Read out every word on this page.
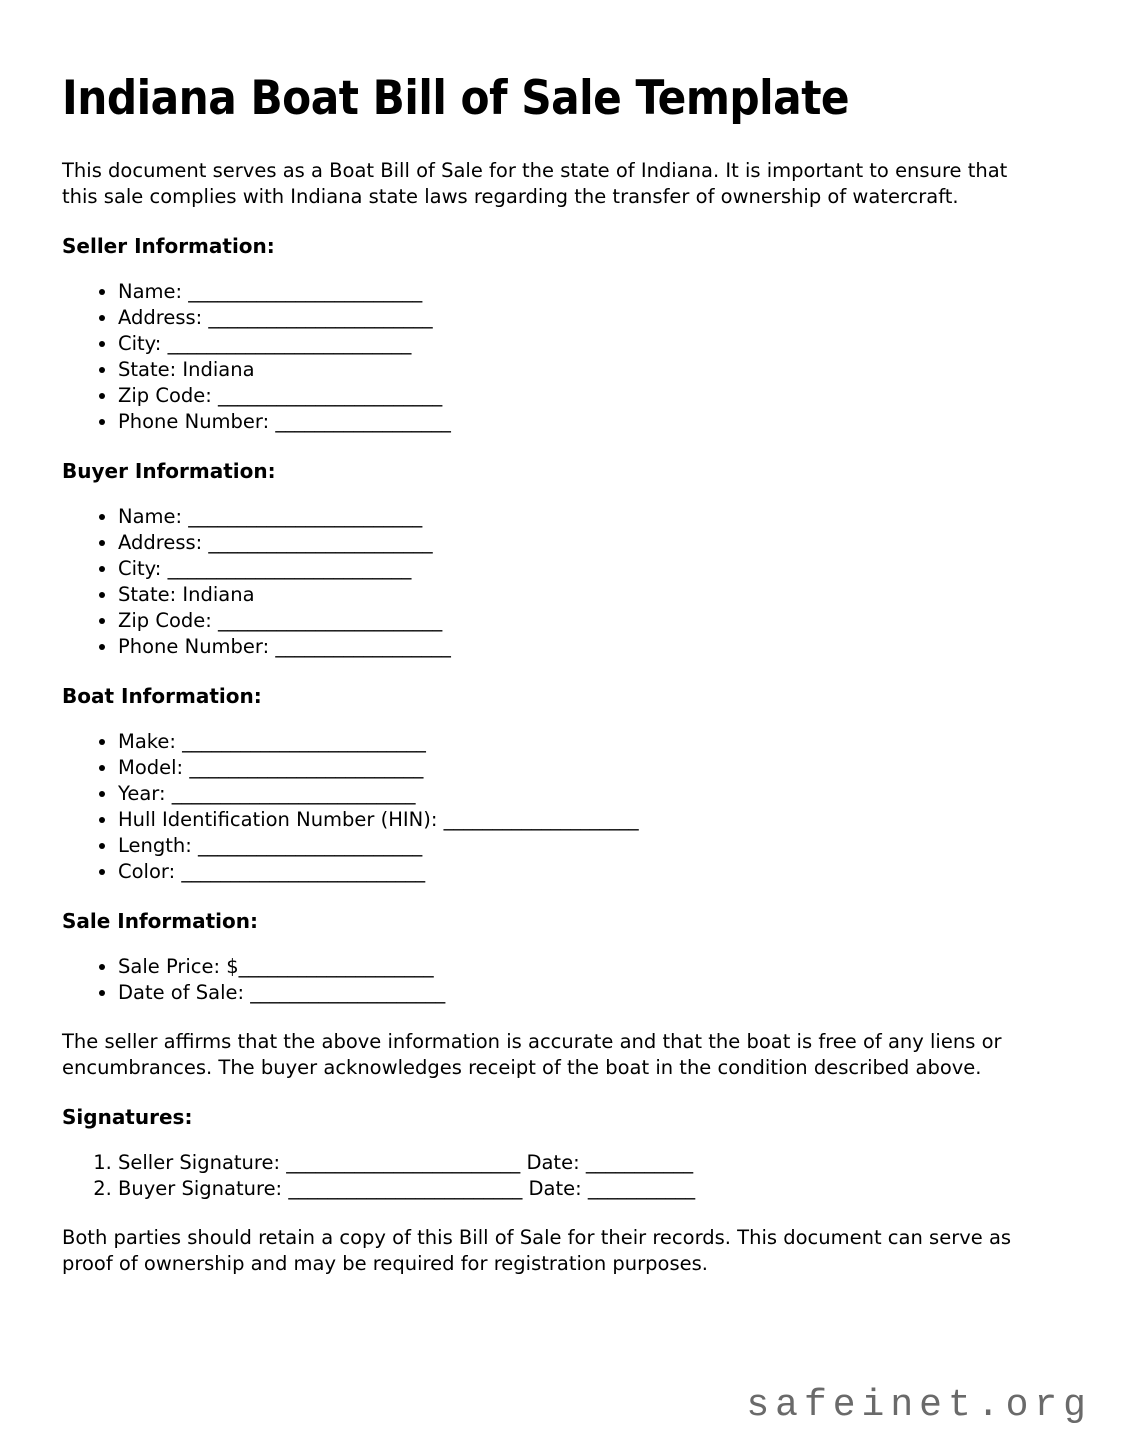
Indiana Boat Bill of Sale Template

This document serves as a Boat Bill of Sale for the state of Indiana. It is important to ensure that this sale complies with Indiana state laws regarding the transfer of ownership of watercraft.

Seller Information:
• Name: ________________________
• Address: _______________________
• City: _________________________
• State: Indiana
• Zip Code: _______________________
• Phone Number: __________________
Buyer Information:
• Name: ________________________
• Address: _______________________
• City: _________________________
• State: Indiana
• Zip Code: _______________________
• Phone Number: __________________
Boat Information:
• Make: _________________________
• Model: ________________________
• Year: _________________________
• Hull Identification Number (HIN): ____________________
• Length: _______________________
• Color: _________________________
Sale Information:
• Sale Price: $____________________
• Date of Sale: ____________________

The seller affirms that the above information is accurate and that the boat is free of any liens or encumbrances. The buyer acknowledges receipt of the boat in the condition described above.

Signatures:
1. Seller Signature: ________________________ Date: ___________
2. Buyer Signature: ________________________ Date: ___________

Both parties should retain a copy of this Bill of Sale for their records. This document can serve as proof of ownership and may be required for registration purposes.

safeinet.org
